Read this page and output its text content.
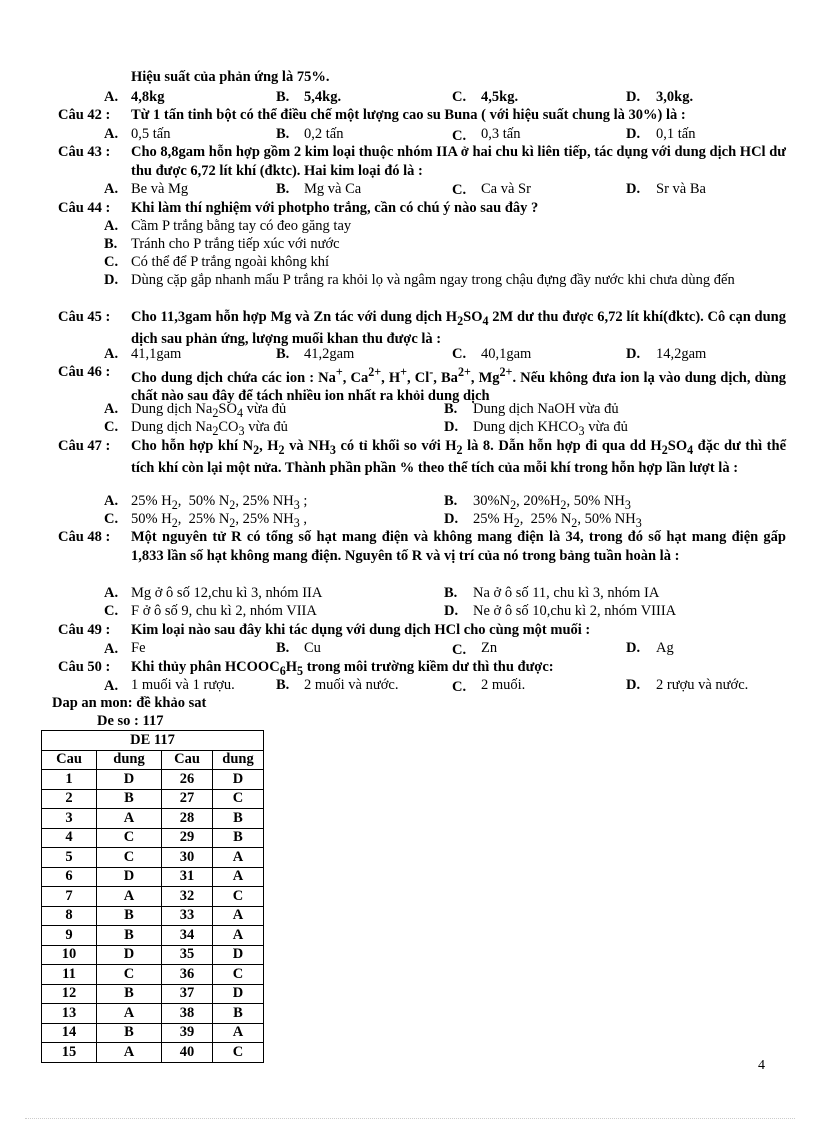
Hiệu suất của phản ứng là 75%.
A. 4,8kg	B. 5,4kg.	C. 4,5kg.	D. 3,0kg.
Câu 42 : Từ 1 tấn tinh bột có thể điều chế một lượng cao su Buna ( với hiệu suất chung là 30%) là :
A. 0,5 tấn	B. 0,2 tấn	C. 0,3 tấn	D. 0,1 tấn
Câu 43 : Cho 8,8gam hỗn hợp gồm 2 kim loại thuộc nhóm IIA ở hai chu kì liên tiếp, tác dụng với dung dịch HCl dư thu được 6,72 lít khí (đktc). Hai kim loại đó là :
A. Be và Mg	B. Mg và Ca	C. Ca và Sr	D. Sr và Ba
Câu 44 : Khi làm thí nghiệm với photpho trắng, cần có chú ý nào sau đây ?
A. Cầm P trắng bằng tay có đeo găng tay
B. Tránh cho P trắng tiếp xúc với nước
C. Có thể để P trắng ngoài không khí
D. Dùng cặp gắp nhanh mẩu P trắng ra khỏi lọ và ngâm ngay trong chậu đựng đầy nước khi chưa dùng đến
Câu 45 : Cho 11,3gam hỗn hợp Mg và Zn tác với dung dịch $H_2SO_4$ 2M dư thu được 6,72 lít khí(đktc). Cô cạn dung dịch sau phản ứng, lượng muối khan thu được là :
A. 41,1gam	B. 41,2gam	C. 40,1gam	D. 14,2gam
Câu 46 : Cho dung dịch chứa các ion : Na+, $Ca^{2+}$, H+, Cl-, $Ba^{2+}$, $Mg^{2+}$. Nếu không đưa ion lạ vào dung dịch, dùng chất nào sau đây để tách nhiều ion nhất ra khỏi dung dịch
A. Dung dịch $Na_2SO_4$ vừa đủ	B. Dung dịch NaOH vừa đủ
C. Dung dịch $Na_2CO_3$ vừa đủ	D. Dung dịch $KHCO_3$ vừa đủ
Câu 47 : Cho hỗn hợp khí $N_2$, $H_2$ và $NH_3$ có tỉ khối so với $H_2$ là 8. Dẫn hỗn hợp đi qua dd $H_2SO_4$ đặc dư thì thể tích khí còn lại một nửa. Thành phần phần % theo thể tích của mỗi khí trong hỗn hợp lần lượt là :
A. 25% $H_2$,  50% $N_2$, 25% $NH_3$ ;	B. $30\%N_2$, $20\%H_2$, 50% $NH_3$
C. 50% $H_2$,  25% $N_2$, 25% $NH_3$ ,	D. 25% $H_2$,  25% $N_2$, 50% $NH_3$
Câu 48 : Một nguyên tử R có tổng số hạt mang điện và không mang điện là 34, trong đó số hạt mang điện gấp 1,833 lần số hạt không mang điện. Nguyên tố R và vị trí của nó trong bảng tuần hoàn là :
A. Mg ở ô số 12,chu kì 3, nhóm IIA	B. Na ở ô số 11, chu kì 3, nhóm IA
C. F ở ô số 9, chu kì 2, nhóm VIIA	D. Ne ở ô số 10,chu kì 2, nhóm VIIIA
Câu 49 : Kim loại nào sau đây khi tác dụng với dung dịch HCl cho cùng một muối :
A. Fe	B. Cu	C. Zn	D. Ag
Câu 50 : Khi thủy phân $HCOOC_6H_5$ trong môi trường kiềm dư thì thu được:
A. 1 muối và 1 rượu.	B. 2 muối và nước.	C. 2 muối.	D. 2 rượu và nước.
Dap an mon: đề khảo sat
De so : 117
DE 117			
Cau	dung	Cau	dung
1	D	26	D
2	B	27	C
3	A	28	B
4	C	29	B
5	C	30	A
6	D	31	A
7	A	32	C
8	B	33	A
9	B	34	A
10	D	35	D
11	C	36	C
12	B	37	D
13	A	38	B
14	B	39	A
15	A	40	C
4
